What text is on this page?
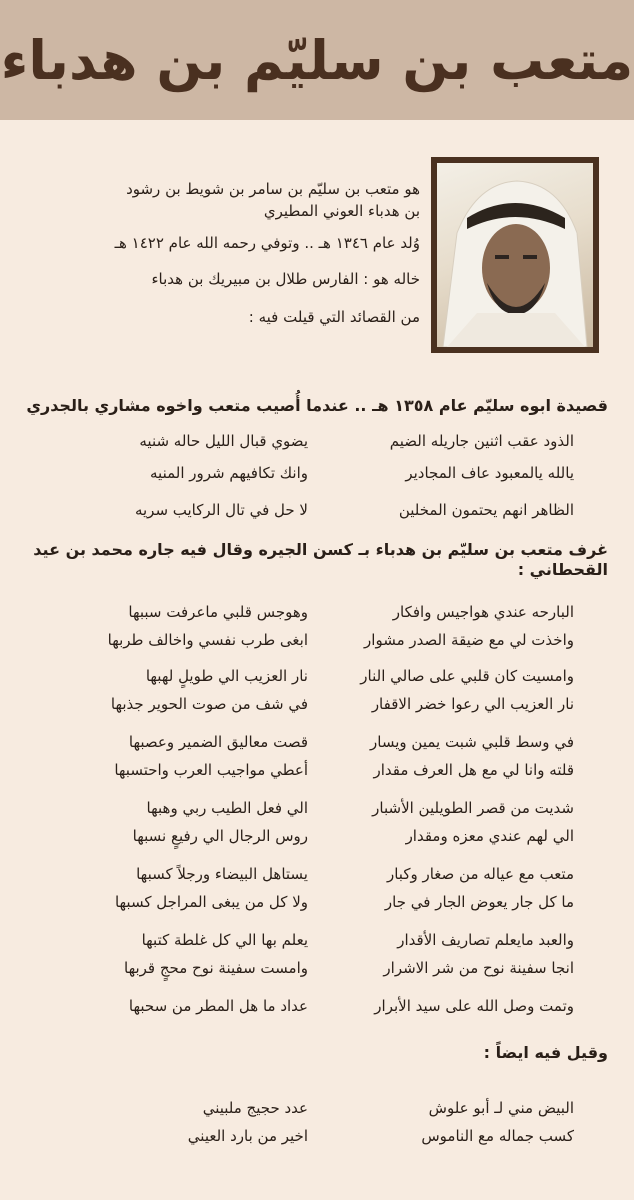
متعب بن سليّم بن هدباء

هو متعب بن سليّم بن سامر بن شويط بن رشود

بن هدباء العوني المطيري

وُلد عام ١٣٤٦ هـ .. وتوفي رحمه الله عام ١٤٢٢ هـ

خاله هو : الفارس طلال بن مبيريك بن هدباء

من القصائد التي قيلت فيه :

قصيدة ابوه سليّم عام ١٣٥٨ هـ .. عندما أُصيب متعب واخوه مشاري بالجدري
الذود عقب اثنين جاريله الضيم
يضوي قبال الليل حاله شنيه
يالله يالمعبود عاف المجادير
وانك تكافيهم شرور المنيه
الظاهر انهم يحتمون المخلين
لا حل في تال الركايب سريه
غرف متعب بن سليّم بن هدباء بـ كسن الجيره وقال فيه جاره محمد بن عيد
القحطاني :
البارحه عندي هواجيس وافكار
وهوجس قلبي ماعرفت سببها
واخذت لي مع ضيقة الصدر مشوار
ابغى طرب نفسي واخالف طربها
وامسيت كان قلبي على صالي النار
نار العزيب الي طويلٍ لهبها
نار العزيب الي رعوا خضر الاقفار
في شف من صوت الحوير جذبها
في وسط قلبي شبت يمين ويسار
قصت معاليق الضمير وعصبها
قلته وانا لي مع هل العرف مقدار
أعطي مواجيب العرب واحتسبها
شديت من قصر الطويلين الأشبار
الي فعل الطيب ربي وهبها
الي لهم عندي معزه ومقدار
روس الرجال الي رفيعٍ نسبها
متعب مع عياله من صغار وكبار
يستاهل البيضاء ورجلاً كسبها
ما كل جار يعوض الجار في جار
ولا كل من يبغى المراجل كسبها
والعبد مايعلم تصاريف الأقدار
يعلم بها الي كل غلطة كتبها
انجا سفينة نوح من شر الاشرار
وامست سفينة نوح محجٍ قربها
وتمت وصل الله على سيد الأبرار
عداد ما هل المطر من سحبها
وقيل فيه ايضاً :
البيض مني لـ أبو علوش
عدد حجيج ملبيني
كسب جماله مع الناموس
اخير من بارد العيني
